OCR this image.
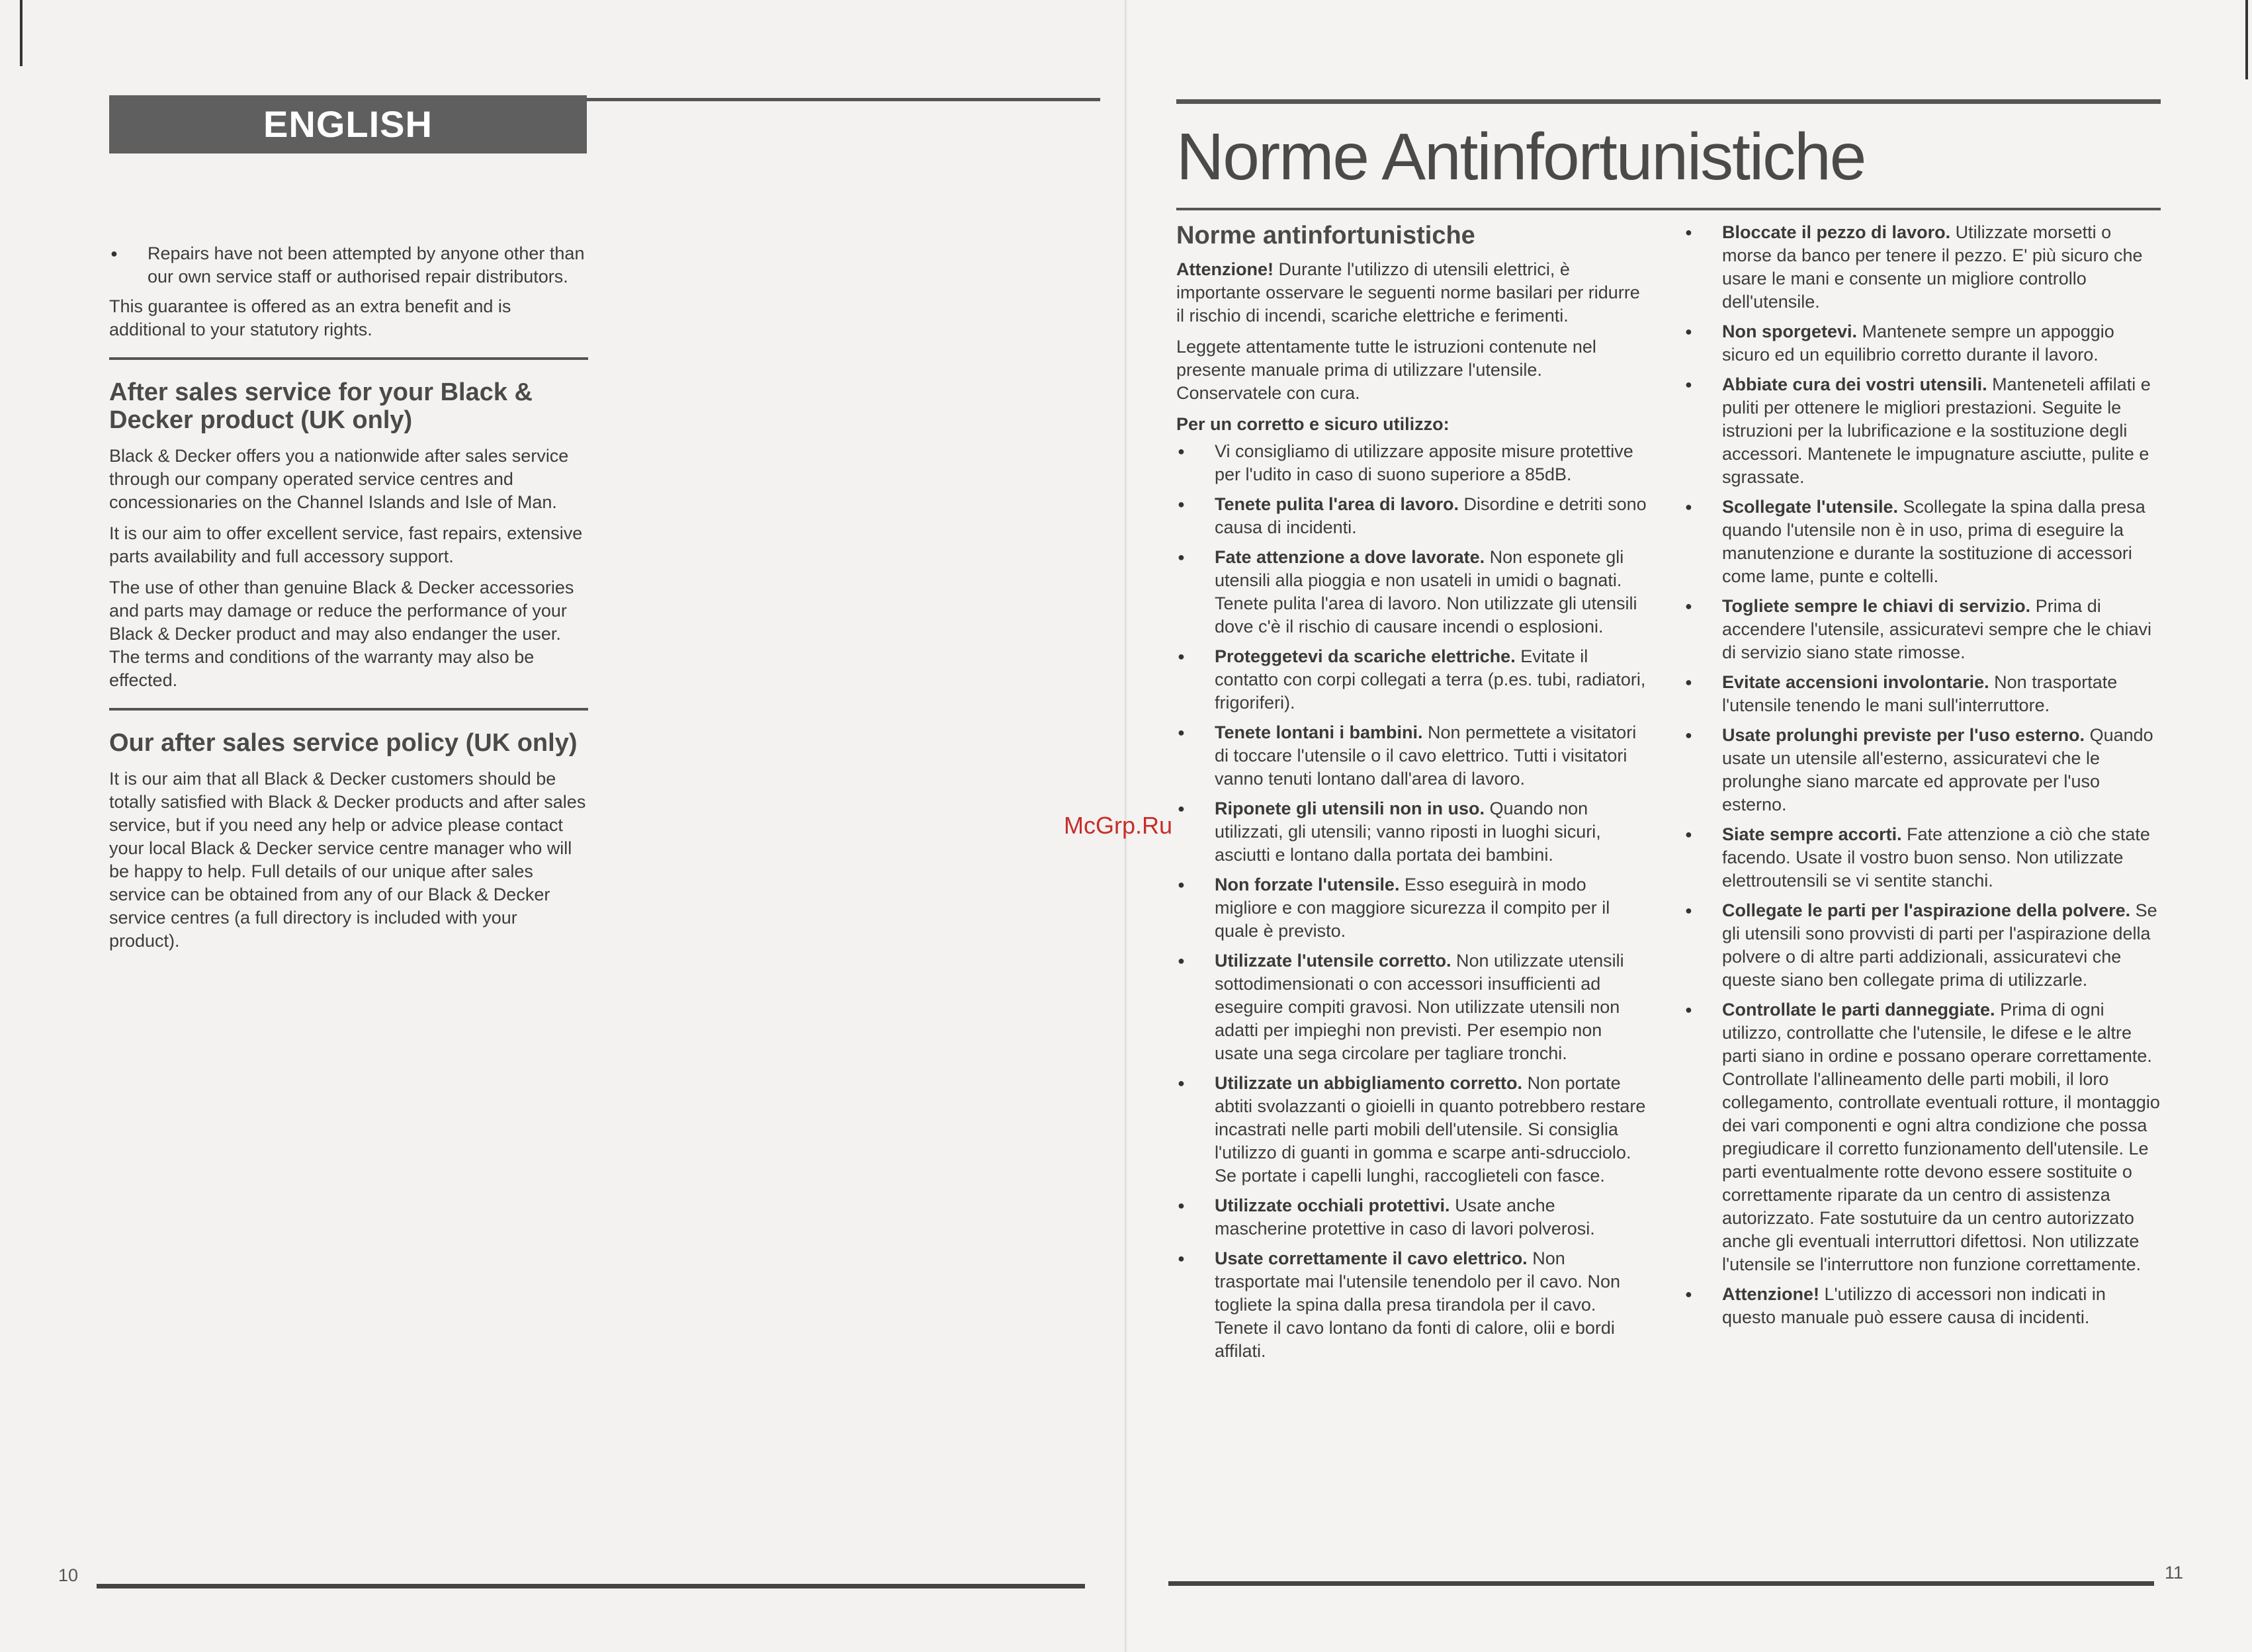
ENGLISH
● Repairs have not been attempted by anyone other than our own service staff or authorised repair distributors.

This guarantee is offered as an extra benefit and is additional to your statutory rights.

After sales service for your Black & Decker product (UK only)

Black & Decker offers you a nationwide after sales service through our company operated service centres and concessionaries on the Channel Islands and Isle of Man.

It is our aim to offer excellent service, fast repairs, extensive parts availability and full accessory support.

The use of other than genuine Black & Decker accessories and parts may damage or reduce the performance of your Black & Decker product and may also endanger the user. The terms and conditions of the warranty may also be effected.

Our after sales service policy (UK only)

It is our aim that all Black & Decker customers should be totally satisfied with Black & Decker products and after sales service, but if you need any help or advice please contact your local Black & Decker service centre manager who will be happy to help. Full details of our unique after sales service can be obtained from any of our Black & Decker service centres (a full directory is included with your product).

10
Norme Antinfortunistiche
Norme antinfortunistiche

Attenzione! Durante l'utilizzo di utensili elettrici, è importante osservare le seguenti norme basilari per ridurre il rischio di incendi, scariche elettriche e ferimenti.

Leggete attentamente tutte le istruzioni contenute nel presente manuale prima di utilizzare l'utensile. Conservatele con cura.

Per un corretto e sicuro utilizzo:

● Vi consigliamo di utilizzare apposite misure protettive per l'udito in caso di suono superiore a 85dB.
● Tenete pulita l'area di lavoro. Disordine e detriti sono causa di incidenti.
● Fate attenzione a dove lavorate. Non esponete gli utensili alla pioggia e non usateli in umidi o bagnati. Tenete pulita l'area di lavoro. Non utilizzate gli utensili dove c'è il rischio di causare incendi o esplosioni.
● Proteggetevi da scariche elettriche. Evitate il contatto con corpi collegati a terra (p.es. tubi, radiatori, frigoriferi).
● Tenete lontani i bambini. Non permettete a visitatori di toccare l'utensile o il cavo elettrico. Tutti i visitatori vanno tenuti lontano dall'area di lavoro.
● Riponete gli utensili non in uso. Quando non utilizzati, gli utensili; vanno riposti in luoghi sicuri, asciutti e lontano dalla portata dei bambini.
● Non forzate l'utensile. Esso eseguirà in modo migliore e con maggiore sicurezza il compito per il quale è previsto.
● Utilizzate l'utensile corretto. Non utilizzate utensili sottodimensionati o con accessori insufficienti ad eseguire compiti gravosi. Non utilizzate utensili non adatti per impieghi non previsti. Per esempio non usate una sega circolare per tagliare tronchi.
● Utilizzate un abbigliamento corretto. Non portate abtiti svolazzanti o gioielli in quanto potrebbero restare incastrati nelle parti mobili dell'utensile. Si consiglia l'utilizzo di guanti in gomma e scarpe anti-sdrucciolo. Se portate i capelli lunghi, raccoglieteli con fasce.
● Utilizzate occhiali protettivi. Usate anche mascherine protettive in caso di lavori polverosi.
● Usate correttamente il cavo elettrico. Non trasportate mai l'utensile tenendolo per il cavo. Non togliete la spina dalla presa tirandola per il cavo. Tenete il cavo lontano da fonti di calore, olii e bordi affilati.
● Bloccate il pezzo di lavoro. Utilizzate morsetti o morse da banco per tenere il pezzo. E' più sicuro che usare le mani e consente un migliore controllo dell'utensile.
● Non sporgetevi. Mantenete sempre un appoggio sicuro ed un equilibrio corretto durante il lavoro.
● Abbiate cura dei vostri utensili. Manteneteli affilati e puliti per ottenere le migliori prestazioni. Seguite le istruzioni per la lubrificazione e la sostituzione degli accessori. Mantenete le impugnature asciutte, pulite e sgrassate.
● Scollegate l'utensile. Scollegate la spina dalla presa quando l'utensile non è in uso, prima di eseguire la manutenzione e durante la sostituzione di accessori come lame, punte e coltelli.
● Togliete sempre le chiavi di servizio. Prima di accendere l'utensile, assicuratevi sempre che le chiavi di servizio siano state rimosse.
● Evitate accensioni involontarie. Non trasportate l'utensile tenendo le mani sull'interruttore.
● Usate prolunghi previste per l'uso esterno. Quando usate un utensile all'esterno, assicuratevi che le prolunghe siano marcate ed approvate per l'uso esterno.
● Siate sempre accorti. Fate attenzione a ciò che state facendo. Usate il vostro buon senso. Non utilizzate elettroutensili se vi sentite stanchi.
● Collegate le parti per l'aspirazione della polvere. Se gli utensili sono provvisti di parti per l'aspirazione della polvere o di altre parti addizionali, assicuratevi che queste siano ben collegate prima di utilizzarle.
● Controllate le parti danneggiate. Prima di ogni utilizzo, controllatte che l'utensile, le difese e le altre parti siano in ordine e possano operare correttamente. Controllate l'allineamento delle parti mobili, il loro collegamento, controllate eventuali rotture, il montaggio dei vari componenti e ogni altra condizione che possa pregiudicare il corretto funzionamento dell'utensile. Le parti eventualmente rotte devono essere sostituite o correttamente riparate da un centro di assistenza autorizzato. Fate sostutuire da un centro autorizzato anche gli eventuali interruttori difettosi. Non utilizzate l'utensile se l'interruttore non funzione correttamente.
● Attenzione! L'utilizzo di accessori non indicati in questo manuale può essere causa di incidenti.
McGrp.Ru
11
